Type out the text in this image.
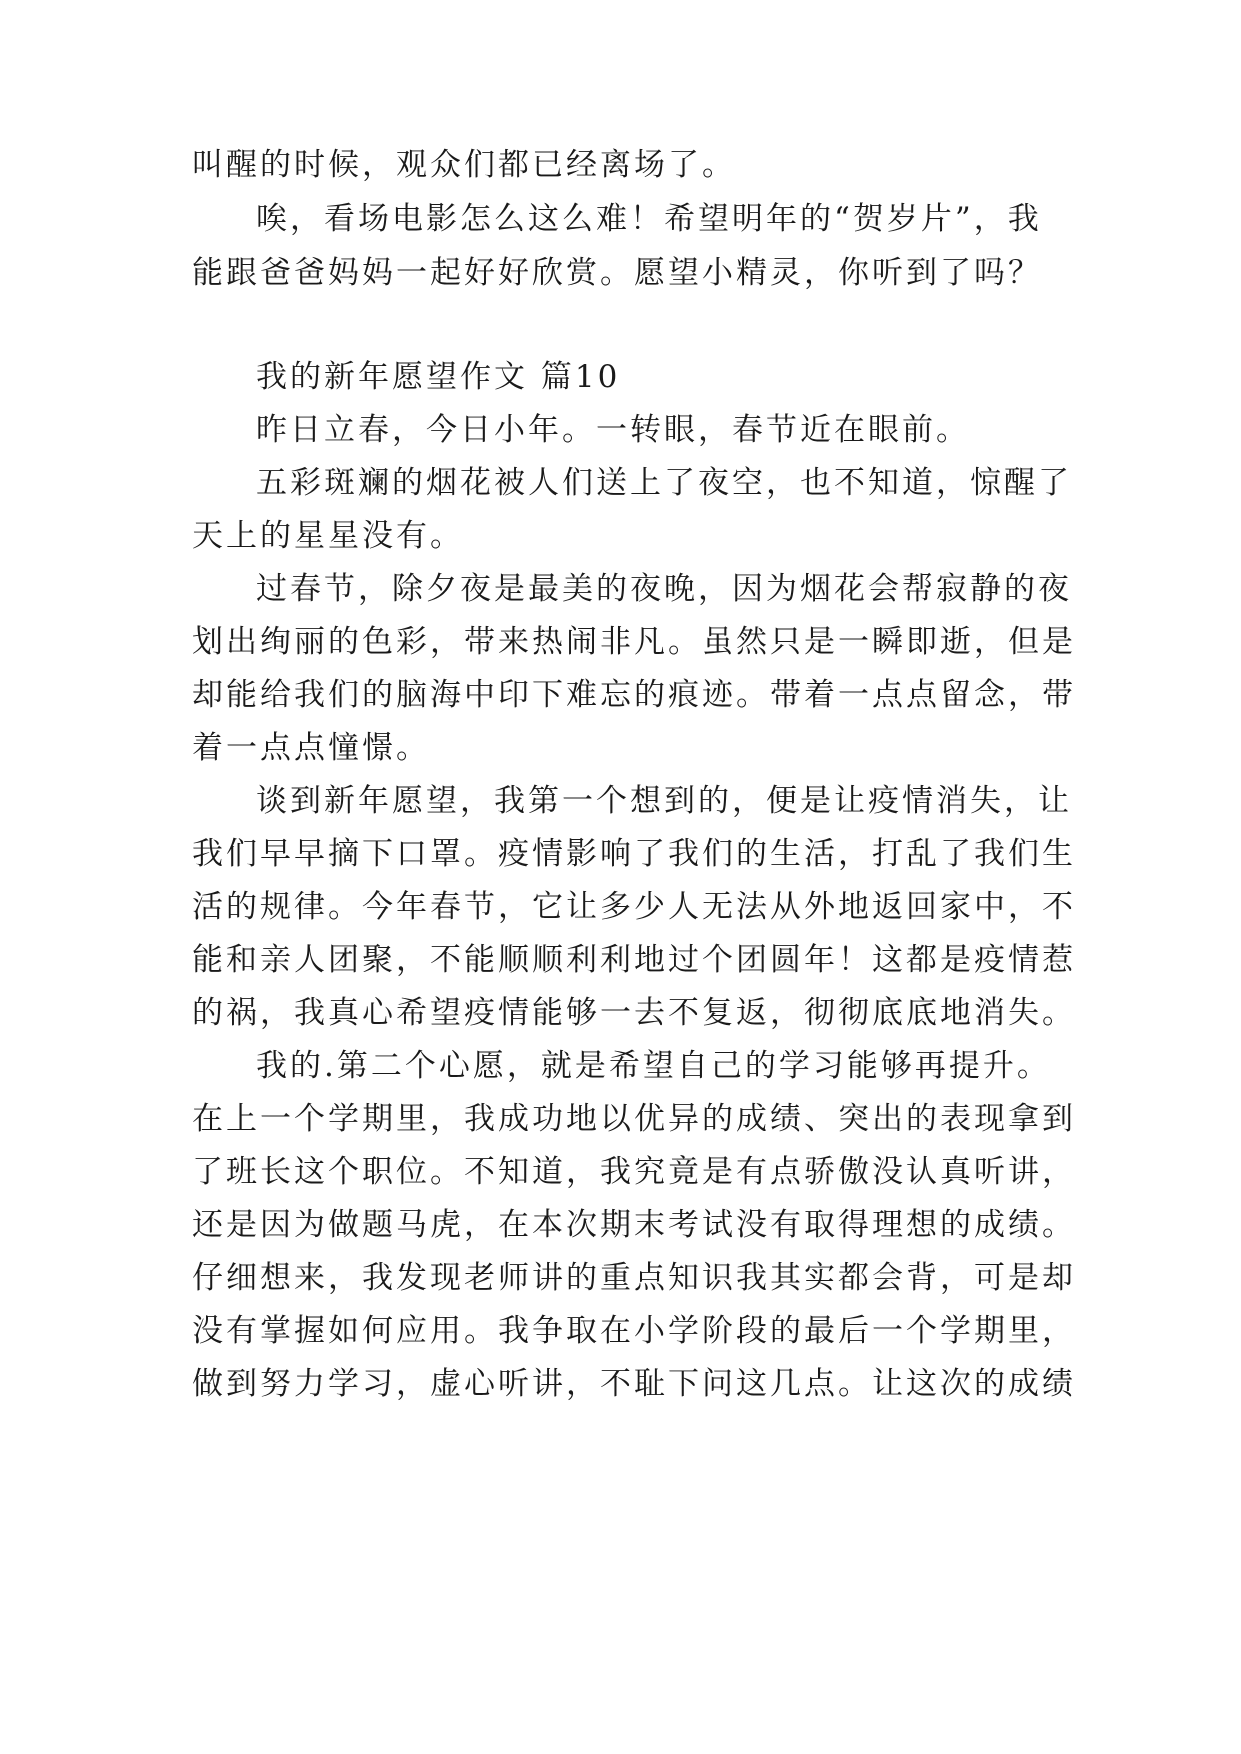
叫醒的时候，观众们都已经离场了。
唉，看场电影怎么这么难！希望明年的“贺岁片”，我
能跟爸爸妈妈一起好好欣赏。愿望小精灵，你听到了吗？
我的新年愿望作文 篇10
昨日立春，今日小年。一转眼，春节近在眼前。
五彩斑斓的烟花被人们送上了夜空，也不知道，惊醒了
天上的星星没有。
过春节，除夕夜是最美的夜晚，因为烟花会帮寂静的夜
划出绚丽的色彩，带来热闹非凡。虽然只是一瞬即逝，但是
却能给我们的脑海中印下难忘的痕迹。带着一点点留念，带
着一点点憧憬。
谈到新年愿望，我第一个想到的，便是让疫情消失，让
我们早早摘下口罩。疫情影响了我们的生活，打乱了我们生
活的规律。今年春节，它让多少人无法从外地返回家中，不
能和亲人团聚，不能顺顺利利地过个团圆年！这都是疫情惹
的祸，我真心希望疫情能够一去不复返，彻彻底底地消失。
我的.第二个心愿，就是希望自己的学习能够再提升。
在上一个学期里，我成功地以优异的成绩、突出的表现拿到
了班长这个职位。不知道，我究竟是有点骄傲没认真听讲，
还是因为做题马虎，在本次期末考试没有取得理想的成绩。
仔细想来，我发现老师讲的重点知识我其实都会背，可是却
没有掌握如何应用。我争取在小学阶段的最后一个学期里，
做到努力学习，虚心听讲，不耻下问这几点。让这次的成绩
